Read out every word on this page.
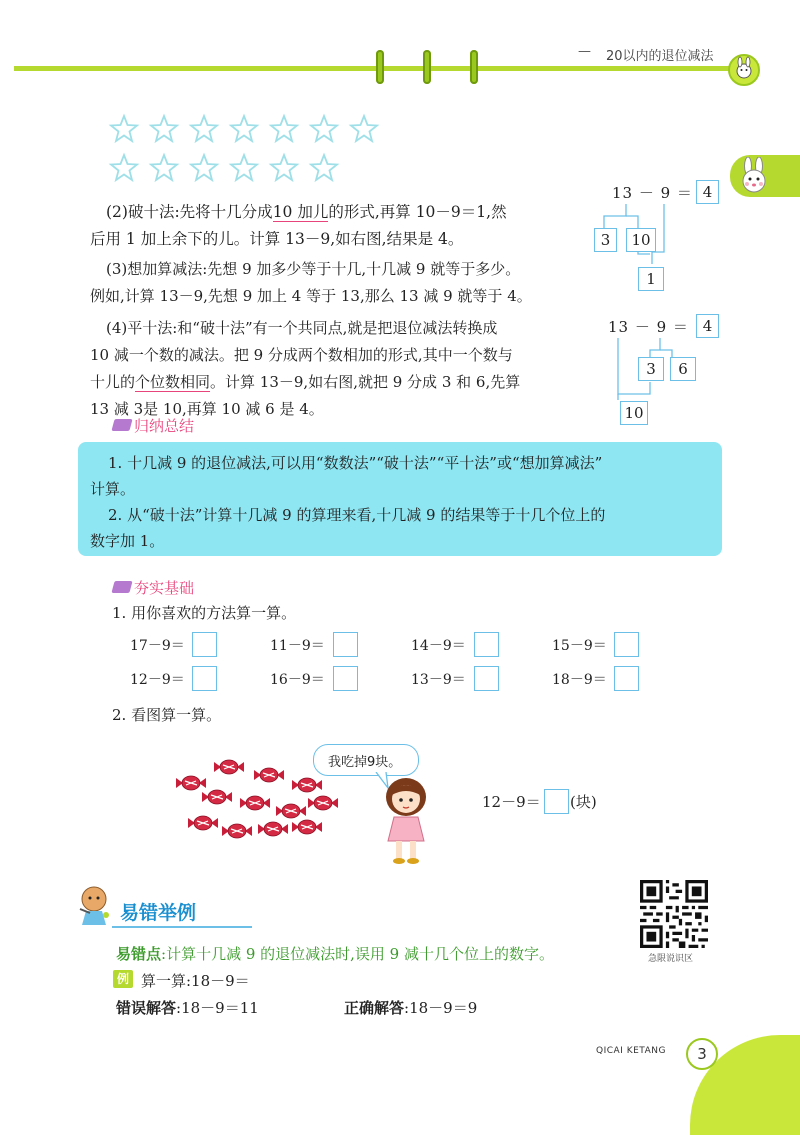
— 20以内的退位减法

(2)破十法:先将十几分成10 加儿的形式,再算 10－9＝1,然

后用 1 加上余下的儿。计算 13－9,如右图,结果是 4。

(3)想加算减法:先想 9 加多少等于十几,十几减 9 就等于多少。

例如,计算 13－9,先想 9 加上 4 等于 13,那么 13 减 9 就等于 4。

(4)平十法:和“破十法”有一个共同点,就是把退位减法转换成

10 减一个数的减法。把 9 分成两个数相加的形式,其中一个数与

十儿的个位数相同。计算 13－9,如右图,就把 9 分成 3 和 6,先算

13 减 3是 10,再算 10 减 6 是 4。

13 － 9 ＝ 4
3	10
1
13 － 9 ＝ 4
3	6
10
归纳总结

1. 十几减 9 的退位减法,可以用“数数法”“破十法”“平十法”或“想加算减法”

计算。

2. 从“破十法”计算十几减 9 的算理来看,十几减 9 的结果等于十几个位上的

数字加 1。

夯实基础
1. 用你喜欢的方法算一算。
17－9＝	11－9＝	14－9＝	15－9＝
12－9＝	16－9＝	13－9＝	18－9＝
2. 看图算一算。
我吃掉9块。
12－9＝ (块)
易错举例
易错点:计算十几减 9 的退位减法时,误用 9 减十几个位上的数字。
例 算一算:18－9＝
错误解答:18－9＝11	正确解答:18－9＝9
急限说识区
QICAI KETANG	3
